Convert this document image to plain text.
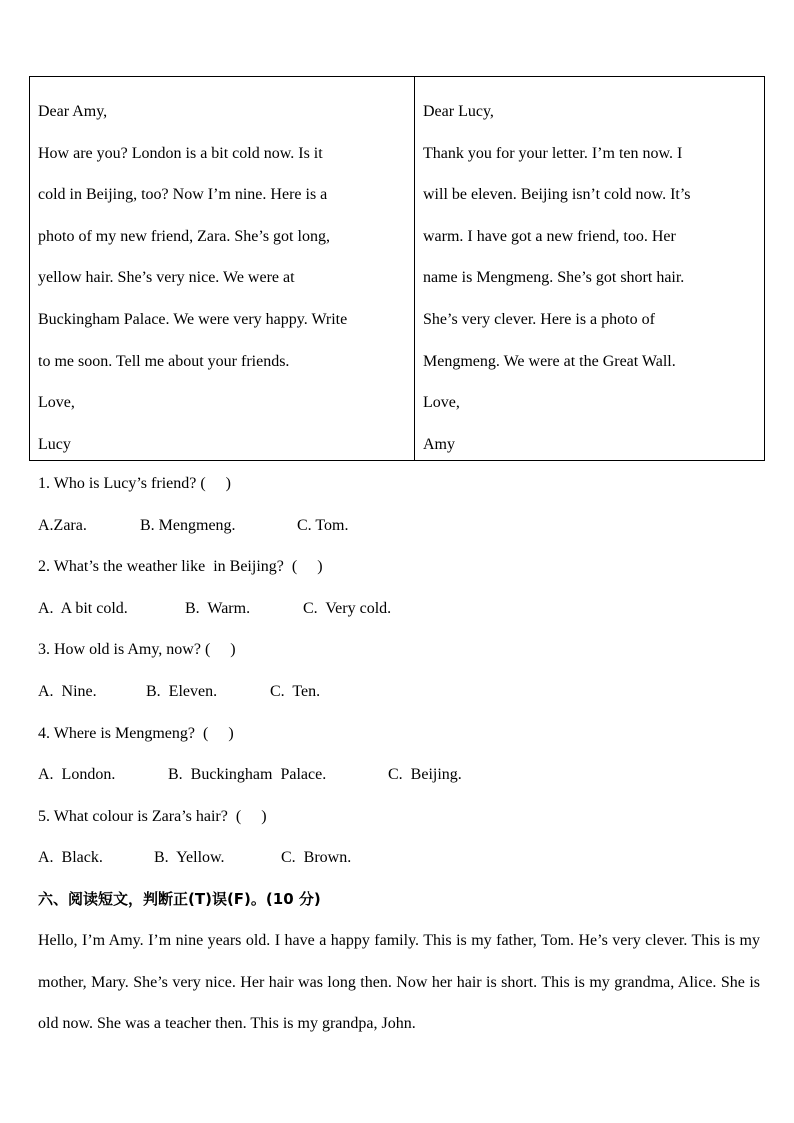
Dear Amy,

How are you? London is a bit cold now. Is it

cold in Beijing, too? Now I’m nine. Here is a

photo of my new friend, Zara. She’s got long,

yellow hair. She’s very nice. We were at

Buckingham Palace. We were very happy. Write

to me soon. Tell me about your friends.

Love,

Lucy

Dear Lucy,

Thank you for your letter. I’m ten now. I

will be eleven. Beijing isn’t cold now. It’s

warm. I have got a new friend, too. Her

name is Mengmeng. She’s got short hair.

She’s very clever. Here is a photo of

Mengmeng. We were at the Great Wall.

Love,

Amy

1. Who is Lucy’s friend? (     )

A.Zara.	B. Mengmeng.	C. Tom.

2. What’s the weather like  in Beijing?  (     )

A.  A bit cold.	B.  Warm.	C.  Very cold.

3. How old is Amy, now? (     )

A.  Nine.	B.  Eleven.	C.  Ten.

4. Where is Mengmeng?  (     )

A.  London.	B.  Buckingham  Palace.	C.  Beijing.

5. What colour is Zara’s hair?  (     )

A.  Black.	B.  Yellow.	C.  Brown.

六、阅读短文，判断正(T)误(F)。(10 分)

Hello, I’m Amy. I’m nine years old. I have a happy family. This is my father, Tom. He’s very clever. This is my mother, Mary. She’s very nice. Her hair was long then. Now her hair is short. This is my grandma, Alice. She is old now. She was a teacher then. This is my grandpa, John.
